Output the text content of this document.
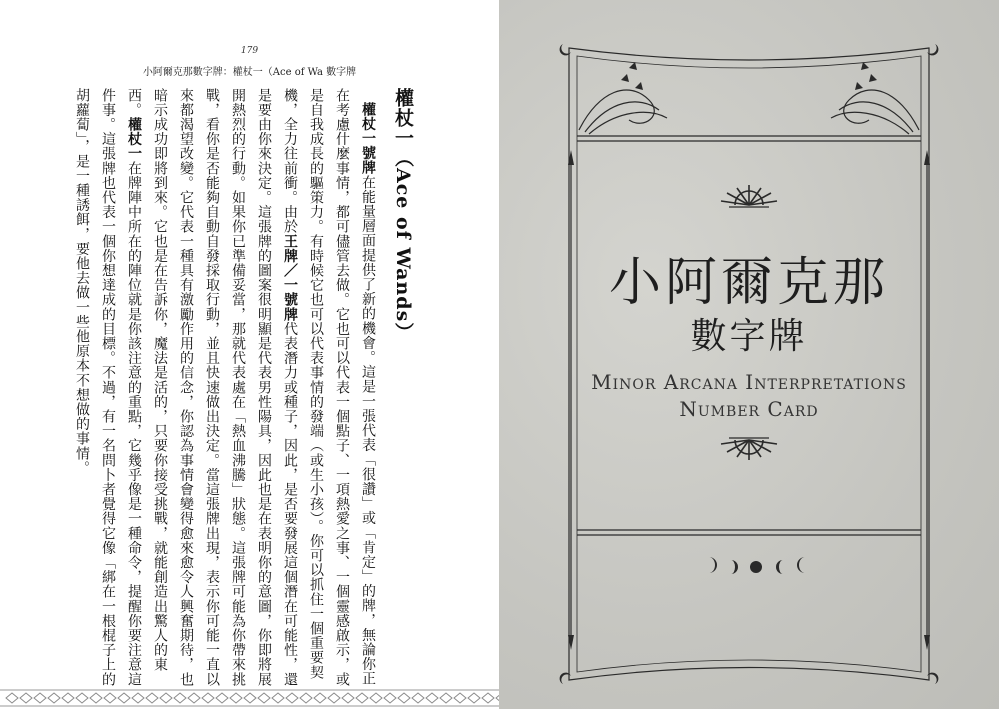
179
小阿爾克那數字牌：權杖一（Ace of Wa 數字牌
權杖一（Ace of Wands）
權杖一號牌在能量層面提供了新的機會。這是一張代表「很讚」或「肯定」的牌，無論你正在考慮什麼事情，都可儘管去做。它也可以代表一個點子、一項熱愛之事、一個靈感啟示，或是自我成長的驅策力。有時候它也可以代表事情的發端（或生小孩）。你可以抓住一個重要契機，全力往前衝。由於王牌／一號牌代表潛力或種子，因此，是否要發展這個潛在可能性，還是要由你來決定。這張牌的圖案很明顯是代表男性陽具，因此也是在表明你的意圖，你即將展開熱烈的行動。如果你已準備妥當，那就代表處在「熱血沸騰」狀態。這張牌可能為你帶來挑戰，看你是否能夠自動自發採取行動，並且快速做出決定。當這張牌出現，表示你可能一直以來都渴望改變。它代表一種具有激勵作用的信念，你認為事情會變得愈來愈令人興奮期待，也暗示成功即將到來。它也是在告訴你，魔法是活的，只要你接受挑戰，就能創造出驚人的東西。權杖一在牌陣中所在的陣位就是你該注意的重點，它幾乎像是一種命令，提醒你要注意這件事。這張牌也代表一個你想達成的目標。不過，有一名問卜者覺得它像「綁在一根棍子上的胡蘿蔔」，是一種誘餌，要他去做一些他原本不想做的事情。	小阿爾克那
數字牌
Minor Arcana Interpretations
Number Card
